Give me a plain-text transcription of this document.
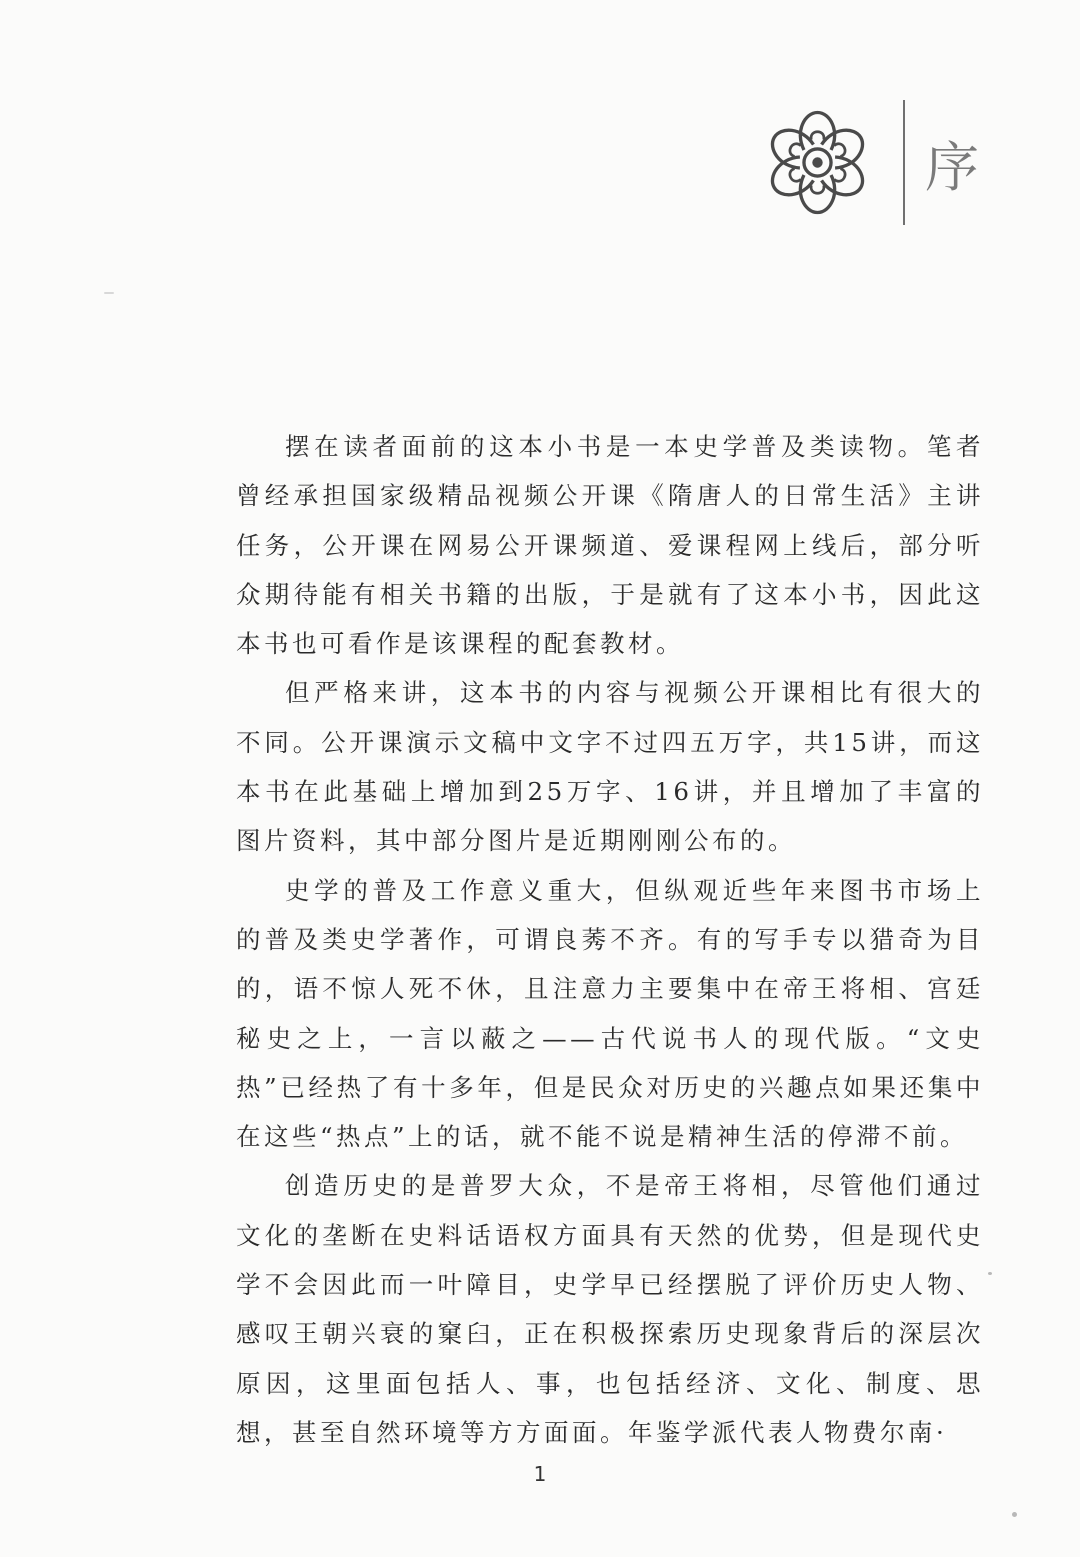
序

摆在读者面前的这本小书是一本史学普及类读物。笔者曾经承担国家级精品视频公开课《隋唐人的日常生活》主讲任务，公开课在网易公开课频道、爱课程网上线后，部分听众期待能有相关书籍的出版，于是就有了这本小书，因此这本书也可看作是该课程的配套教材。

但严格来讲，这本书的内容与视频公开课相比有很大的不同。公开课演示文稿中文字不过四五万字，共15讲，而这本书在此基础上增加到25万字、16讲，并且增加了丰富的图片资料，其中部分图片是近期刚刚公布的。

史学的普及工作意义重大，但纵观近些年来图书市场上的普及类史学著作，可谓良莠不齐。有的写手专以猎奇为目的，语不惊人死不休，且注意力主要集中在帝王将相、宫廷秘史之上，一言以蔽之——古代说书人的现代版。“文史热”已经热了有十多年，但是民众对历史的兴趣点如果还集中在这些“热点”上的话，就不能不说是精神生活的停滞不前。

创造历史的是普罗大众，不是帝王将相，尽管他们通过文化的垄断在史料话语权方面具有天然的优势，但是现代史学不会因此而一叶障目，史学早已经摆脱了评价历史人物、感叹王朝兴衰的窠臼，正在积极探索历史现象背后的深层次原因，这里面包括人、事，也包括经济、文化、制度、思想，甚至自然环境等方方面面。年鉴学派代表人物费尔南·

1
